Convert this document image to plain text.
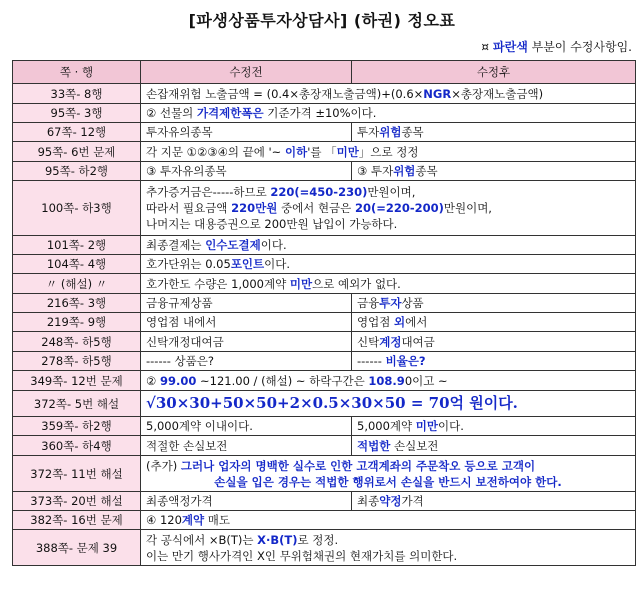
[파생상품투자상담사] (하권) 정오표
¤ 파란색 부분이 수정사항임.
쪽 · 행	수정전	수정후
33쪽- 8행	손잡재위험 노출금액 = (0.4×총장재노출금액)+(0.6×NGR×총장재노출금액)	
95쪽- 3행	② 선물의 가격제한폭은 기준가격 ±10%이다.	
67쪽- 12행	투자유의종목	투자위험종목
95쪽- 6번 문제	각 지문 ①②③④의 끝에 '~ 이하'를 「미만」으로 정정	
95쪽- 하2행	③ 투자유의종목	③ 투자위험종목
100쪽- 하3행	추가증거금은-----하므로 220(=450-230)만원이며,
따라서 필요금액 220만원 중에서 현금은 20(=220-200)만원이며,
나머지는 대용증권으로 200만원 납입이 가능하다.	

101쪽- 2행	최종결제는 인수도결제이다.	
104쪽- 4행	호가단위는 0.05포인트이다.	
〃 (해설) 〃	호가한도 수량은 1,000계약 미만으로 예외가 없다.	
216쪽- 3행	금융규제상품	금융투자상품
219쪽- 9행	영업점 내에서	영업점 외에서
248쪽- 하5행	신탁개정대여금	신탁계정대여금
278쪽- 하5행	------ 상품은?	------ 비율은?
349쪽- 12번 문제	② 99.00 ~121.00 / (해설) ~ 하락구간은 108.90이고 ~	
372쪽- 5번 해설	√30×30+50×50+2×0.5×30×50 = 70억 원이다.	
359쪽- 하2행	5,000계약 이내이다.	5,000계약 미만이다.
360쪽- 하4행	적절한 손실보전	적법한 손실보전
372쪽- 11번 해설	(추가) 그러나 업자의 명백한 실수로 인한 고객계좌의 주문착오 등으로 고객이
손실을 입은 경우는 적법한 행위로서 손실을 반드시 보전하여야 한다.	

373쪽- 20번 해설	최종액정가격	최종약정가격
382쪽- 16번 문제	④ 120계약 매도	
388쪽- 문제 39	각 공식에서 ×B(T)는 X·B(T)로 정정.
이는 만기 행사가격인 X인 무위험채권의 현재가치를 의미한다.	
